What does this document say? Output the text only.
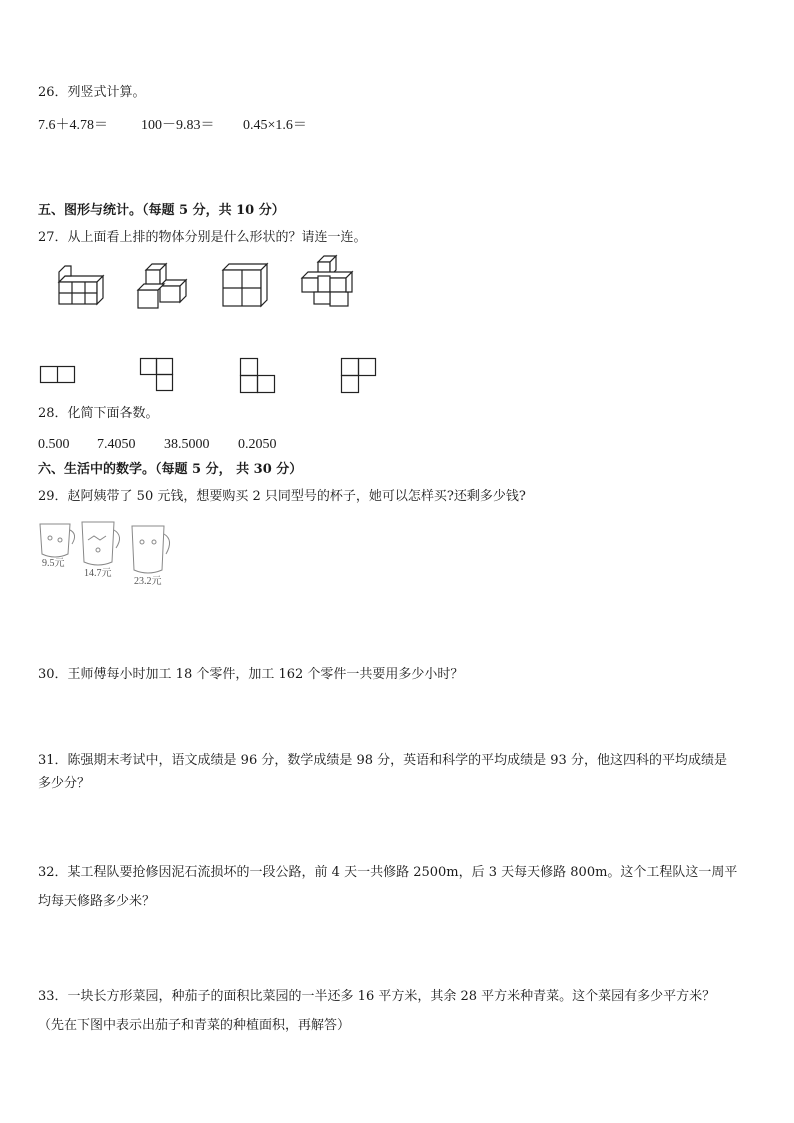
26．列竖式计算。
7.6＋4.78＝ 100－9.83＝ 0.45×1.6＝
五、图形与统计。（每题 5 分，共 10 分）
27．从上面看上排的物体分别是什么形状的？请连一连。
28．化简下面各数。
0.500 7.4050 38.5000 0.2050
六、生活中的数学。（每题 5 分， 共 30 分）
29．赵阿姨带了 50 元钱，想要购买 2 只同型号的杯子，她可以怎样买?还剩多少钱?
9.5元
14.7元
23.2元
30．王师傅每小时加工 18 个零件，加工 162 个零件一共要用多少小时？
31．陈强期末考试中，语文成绩是 96 分，数学成绩是 98 分，英语和科学的平均成绩是 93 分，他这四科的平均成绩是
多少分？
32．某工程队要抢修因泥石流损坏的一段公路，前 4 天一共修路 2500m，后 3 天每天修路 800m。这个工程队这一周平
均每天修路多少米？
33．一块长方形菜园，种茄子的面积比菜园的一半还多 16 平方米，其余 28 平方米种青菜。这个菜园有多少平方米？
（先在下图中表示出茄子和青菜的种植面积，再解答）
